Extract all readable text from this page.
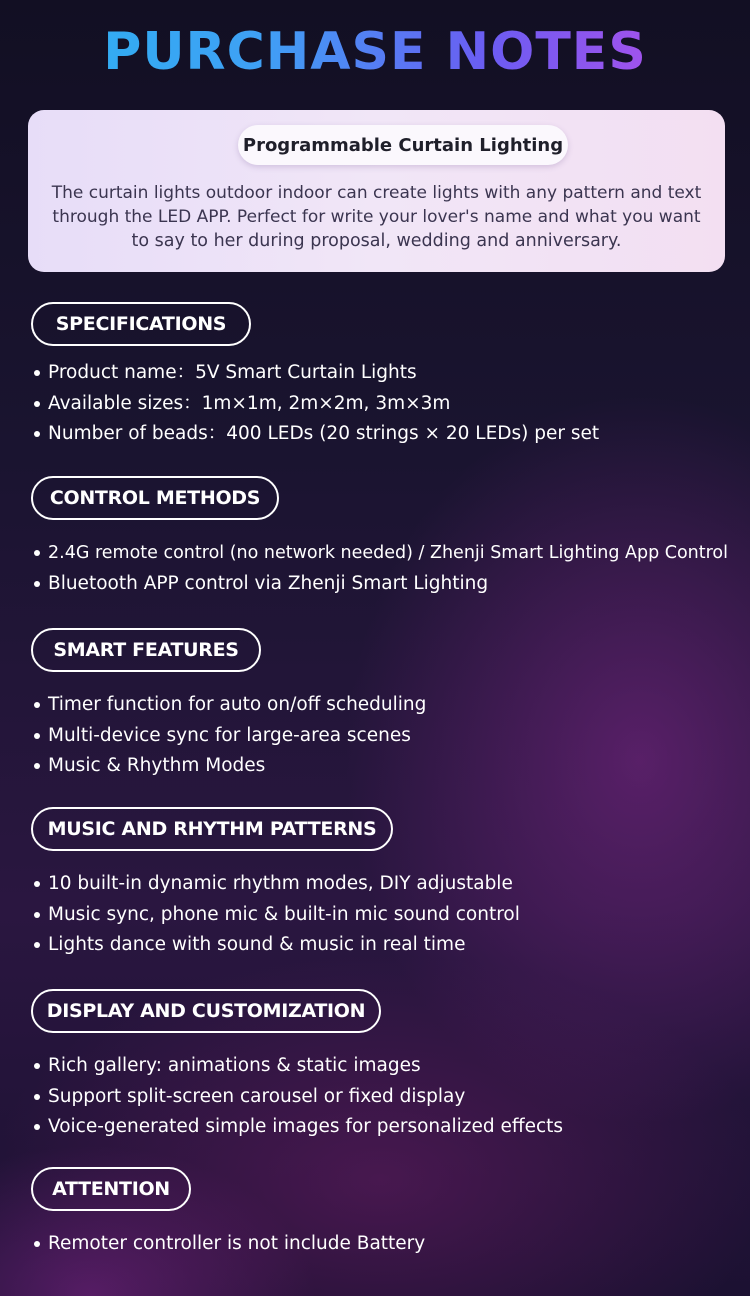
PURCHASE NOTES
Programmable Curtain Lighting
The curtain lights outdoor indoor can create lights with any pattern and text
through the LED APP. Perfect for write your lover's name and what you want
to say to her during proposal, wedding and anniversary.
SPECIFICATIONS
Product name：5V Smart Curtain Lights
Available sizes：1m×1m, 2m×2m, 3m×3m
Number of beads：400 LEDs (20 strings × 20 LEDs) per set
CONTROL METHODS
2.4G remote control (no network needed) / Zhenji Smart Lighting App Control
Bluetooth APP control via Zhenji Smart Lighting
SMART FEATURES
Timer function for auto on/off scheduling
Multi-device sync for large-area scenes
Music & Rhythm Modes
MUSIC AND RHYTHM PATTERNS
10 built-in dynamic rhythm modes, DIY adjustable
Music sync, phone mic & built-in mic sound control
Lights dance with sound & music in real time
DISPLAY AND CUSTOMIZATION
Rich gallery: animations & static images
Support split-screen carousel or fixed display
Voice-generated simple images for personalized effects
ATTENTION
Remoter controller is not include Battery
